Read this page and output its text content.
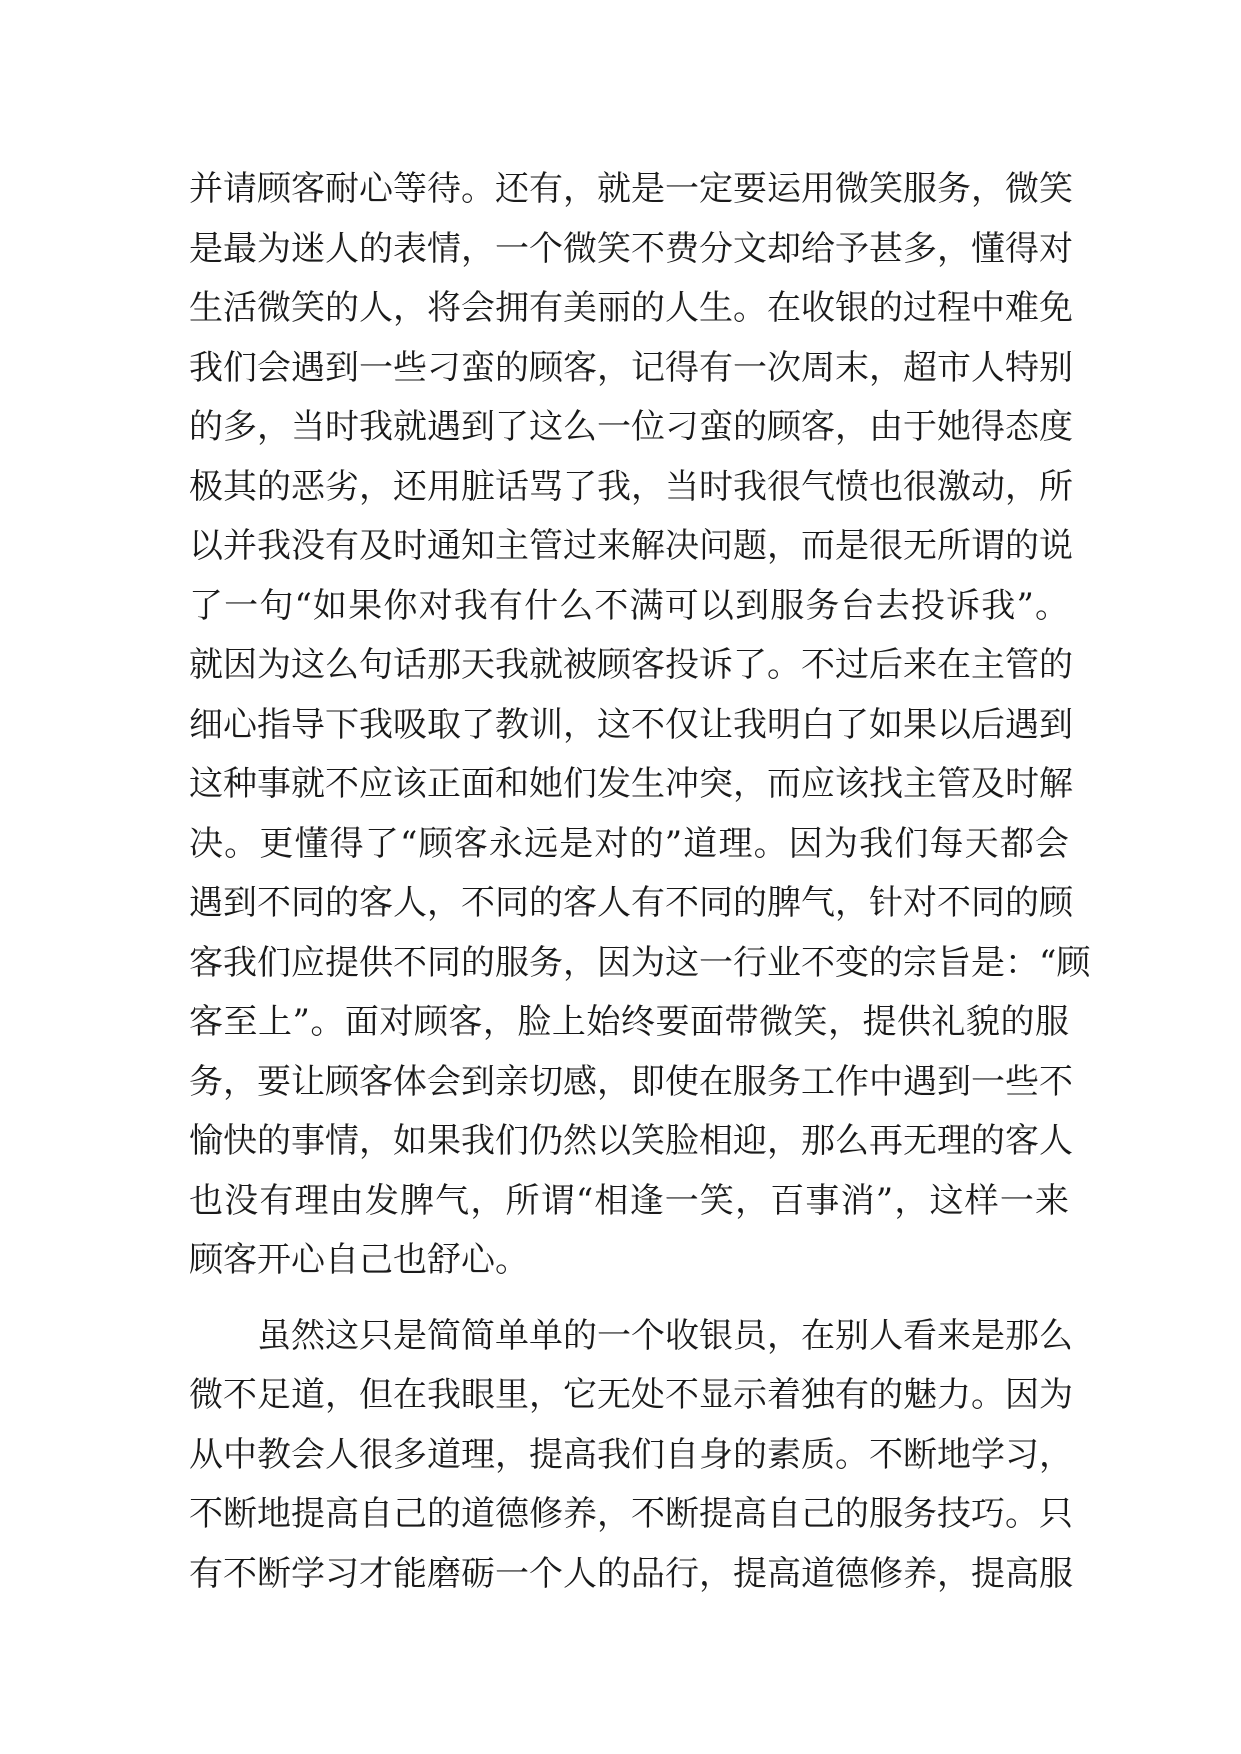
并请顾客耐心等待。还有，就是一定要运用微笑服务，微笑
是最为迷人的表情，一个微笑不费分文却给予甚多，懂得对
生活微笑的人，将会拥有美丽的人生。在收银的过程中难免
我们会遇到一些刁蛮的顾客，记得有一次周末，超市人特别
的多，当时我就遇到了这么一位刁蛮的顾客，由于她得态度
极其的恶劣，还用脏话骂了我，当时我很气愤也很激动，所
以并我没有及时通知主管过来解决问题，而是很无所谓的说
了一句“如果你对我有什么不满可以到服务台去投诉我”。
就因为这么句话那天我就被顾客投诉了。不过后来在主管的
细心指导下我吸取了教训，这不仅让我明白了如果以后遇到
这种事就不应该正面和她们发生冲突，而应该找主管及时解
决。更懂得了“顾客永远是对的”道理。因为我们每天都会
遇到不同的客人，不同的客人有不同的脾气，针对不同的顾
客我们应提供不同的服务，因为这一行业不变的宗旨是：“顾
客至上”。面对顾客，脸上始终要面带微笑，提供礼貌的服
务，要让顾客体会到亲切感，即使在服务工作中遇到一些不
愉快的事情，如果我们仍然以笑脸相迎，那么再无理的客人
也没有理由发脾气，所谓“相逢一笑，百事消”，这样一来
顾客开心自己也舒心。
虽然这只是简简单单的一个收银员，在别人看来是那么
微不足道，但在我眼里，它无处不显示着独有的魅力。因为
从中教会人很多道理，提高我们自身的素质。不断地学习，
不断地提高自己的道德修养，不断提高自己的服务技巧。只
有不断学习才能磨砺一个人的品行，提高道德修养，提高服
